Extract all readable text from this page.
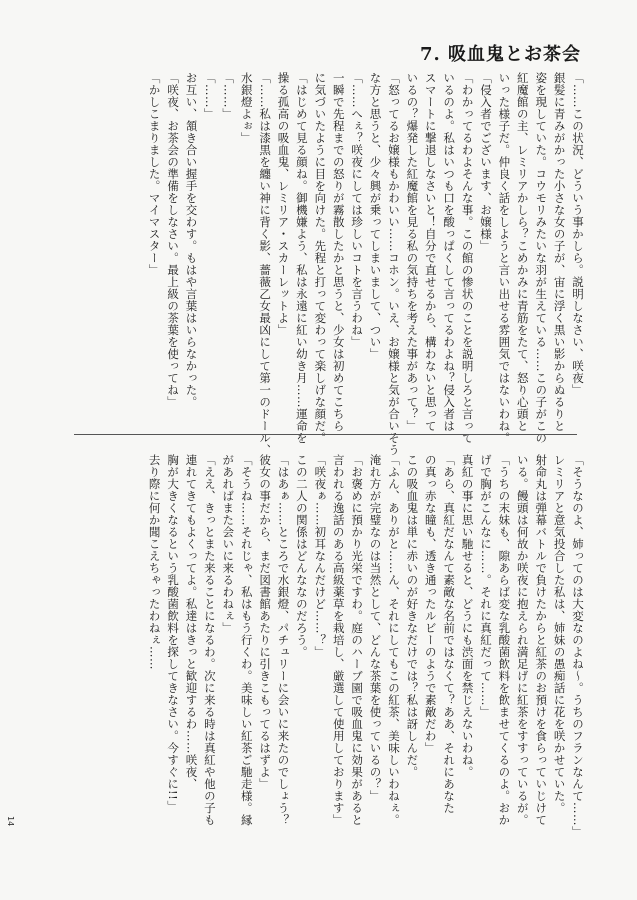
7. 吸血鬼とお茶会
「……この状況、どういう事かしら。説明しなさい、咲夜」
銀髪に青みがかった小さな女の子が、宙に浮く黒い影からぬるりと
姿を現していた。コウモリみたいな羽が生えている……この子がこの
紅魔館の主、レミリアかしら？こめかみに青筋をたて、怒り心頭と
いった様子だ。仲良く話をしようと言い出せる雰囲気ではないわね。
「侵入者でございます、お嬢様」
「わかってるわよそんな事。この館の惨状のことを説明しろと言って
いるのよ。私はいつも口を酸っぱくして言ってるわよね？侵入者は
スマートに撃退しなさいと！自分で直せるから、構わないと思って
いるの？爆発した紅魔館を見る私の気持ちを考えた事があって？」
「怒ってるお嬢様もかわいい……コホン。いえ、お嬢様と気が合いそう
な方と思うと、少々興が乗ってしまいまして、つい」
「……へぇ？咲夜にしては珍しいコトを言うわね」
一瞬で先程までの怒りが霧散したかと思うと、少女は初めてこちら
に気づいたように目を向けた。先程と打って変わって楽しげな顔だ。
「はじめて見る顔ね。御機嫌よう、私は永遠に紅い幼き月……運命を
操る孤高の吸血鬼、レミリア・スカーレットよ」
「……私は漆黒を纏い神に背く影、薔薇乙女最凶にして第一のドール、
水銀燈よぉ」
「……」
「……」
お互い、頷き合い握手を交わす。もはや言葉はいらなかった。
「咲夜、お茶会の準備をしなさい。最上級の茶葉を使ってね」
「かしこまりました。マイマスター」
「そうなのよ、姉ってのは大変なのよね～。うちのフランなんて……」
レミリアと意気投合した私は、姉妹の愚痴話に花を咲かせていた。
射命丸は弾幕バトルで負けたからと紅茶のお預けを食らっていじけて
いる。饅頭は何故か咲夜に抱えられ満足げに紅茶をすすっているが。
「うちの末妹も、隙あらば変な乳酸菌飲料を飲ませてくるのよ。おか
げで胸がこんなに……。それに真紅だって……」
真紅の事に思い馳せると、どうにも渋面を禁じえないわね。
「あら、真紅だなんて素敵な名前ではなくて？ああ、それにあなた
の真っ赤な瞳も、透き通ったルビーのようで素敵だわ」
この吸血鬼は単に赤いのが好きなだけでは？私は訝しんだ。
「ふん、ありがと……ん、それにしてもこの紅茶、美味しいわねぇ。
淹れ方が完璧なのは当然として、どんな茶葉を使っているの？」
「お褒めに預かり光栄ですわ。庭のハーブ園で吸血鬼に効果があると
言われる逸話のある高級薬草を栽培し、厳選して使用しております」
「咲夜ぁ……初耳なんだけど……？」
この二人の関係はどんななのだろう。
「はあぁ……ところで水銀燈、パチュリーに会いに来たのでしょう？
彼女の事だから、まだ図書館あたりに引きこもってるはずよ」
「そうね……それじゃ、私はもう行くわ。美味しい紅茶ご馳走様。縁
があればまた会いに来るわねぇ」
「ええ、きっとまた来ることになるわ。次に来る時は真紅や他の子も
連れてきてもよくってよ。私達はきっと歓迎するわ……咲夜、
胸が大きくなるという乳酸菌飲料を探してきなさい。今すぐに!!」
去り際に何か聞こえちゃったわねぇ……
14
